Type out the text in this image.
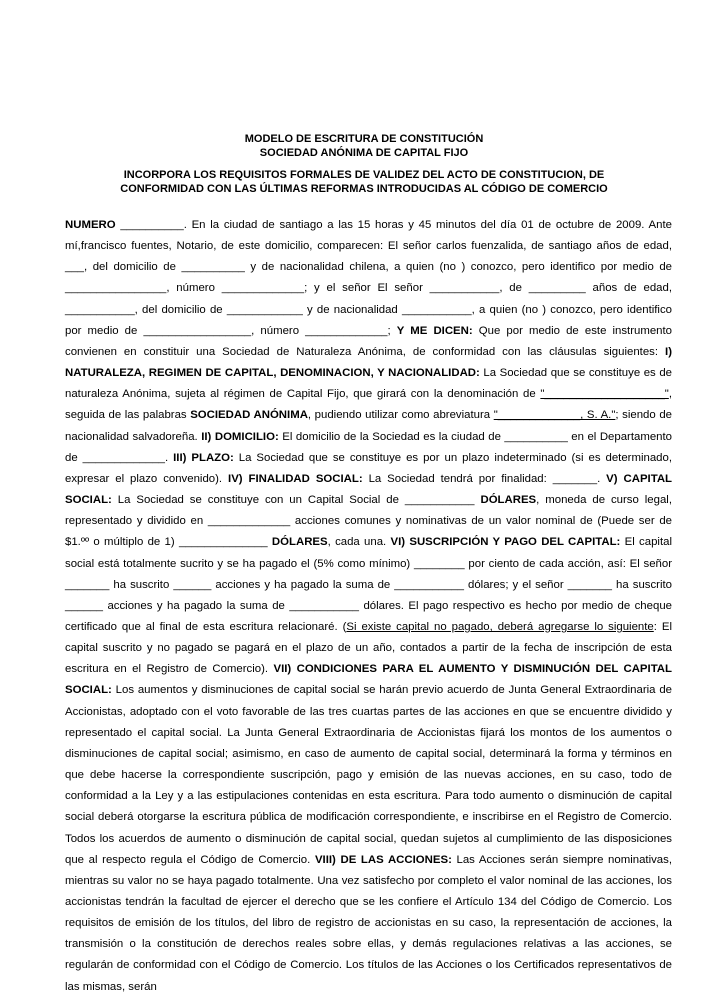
MODELO DE ESCRITURA DE CONSTITUCIÓN
SOCIEDAD ANÓNIMA DE CAPITAL FIJO
INCORPORA LOS REQUISITOS FORMALES DE VALIDEZ DEL ACTO DE CONSTITUCION, DE
CONFORMIDAD CON LAS ÚLTIMAS REFORMAS INTRODUCIDAS AL CÓDIGO DE COMERCIO
NUMERO __________. En la ciudad de santiago a las 15 horas y 45 minutos del día 01 de octubre de 2009. Ante mí,francisco fuentes, Notario, de este domicilio, comparecen: El señor carlos fuenzalida, de santiago años de edad, ___, del domicilio de __________ y de nacionalidad chilena, a quien (no ) conozco, pero identifico por medio de ________________, número _____________; y el señor El señor ___________, de _________ años de edad, ___________, del domicilio de ____________ y de nacionalidad ___________, a quien (no ) conozco, pero identifico por medio de _________________, número _____________; Y ME DICEN: Que por medio de este instrumento convienen en constituir una Sociedad de Naturaleza Anónima, de conformidad con las cláusulas siguientes: I) NATURALEZA, REGIMEN DE CAPITAL, DENOMINACION, Y NACIONALIDAD: La Sociedad que se constituye es de naturaleza Anónima, sujeta al régimen de Capital Fijo, que girará con la denominación de "___________________", seguida de las palabras SOCIEDAD ANÓNIMA, pudiendo utilizar como abreviatura "_____________, S. A."; siendo de nacionalidad salvadoreña. II) DOMICILIO: El domicilio de la Sociedad es la ciudad de __________ en el Departamento de _____________. III) PLAZO: La Sociedad que se constituye es por un plazo indeterminado (si es determinado, expresar el plazo convenido). IV) FINALIDAD SOCIAL: La Sociedad tendrá por finalidad: _______. V) CAPITAL SOCIAL: La Sociedad se constituye con un Capital Social de ___________ DÓLARES, moneda de curso legal, representado y dividido en _____________ acciones comunes y nominativas de un valor nominal de (Puede ser de $1.ºº o múltiplo de 1) ______________ DÓLARES, cada una. VI) SUSCRIPCIÓN Y PAGO DEL CAPITAL: El capital social está totalmente sucrito y se ha pagado el (5% como mínimo) ________ por ciento de cada acción, así: El señor _______ ha suscrito ______ acciones y ha pagado la suma de ___________ dólares; y el señor _______ ha suscrito ______ acciones y ha pagado la suma de ___________ dólares. El pago respectivo es hecho por medio de cheque certificado que al final de esta escritura relacionaré. (Si existe capital no pagado, deberá agregarse lo siguiente: El capital suscrito y no pagado se pagará en el plazo de un año, contados a partir de la fecha de inscripción de esta escritura en el Registro de Comercio). VII) CONDICIONES PARA EL AUMENTO Y DISMINUCIÓN DEL CAPITAL SOCIAL: Los aumentos y disminuciones de capital social se harán previo acuerdo de Junta General Extraordinaria de Accionistas, adoptado con el voto favorable de las tres cuartas partes de las acciones en que se encuentre dividido y representado el capital social. La Junta General Extraordinaria de Accionistas fijará los montos de los aumentos o disminuciones de capital social; asimismo, en caso de aumento de capital social, determinará la forma y términos en que debe hacerse la correspondiente suscripción, pago y emisión de las nuevas acciones, en su caso, todo de conformidad a la Ley y a las estipulaciones contenidas en esta escritura. Para todo aumento o disminución de capital social deberá otorgarse la escritura pública de modificación correspondiente, e inscribirse en el Registro de Comercio. Todos los acuerdos de aumento o disminución de capital social, quedan sujetos al cumplimiento de las disposiciones que al respecto regula el Código de Comercio. VIII) DE LAS ACCIONES: Las Acciones serán siempre nominativas, mientras su valor no se haya pagado totalmente. Una vez satisfecho por completo el valor nominal de las acciones, los accionistas tendrán la facultad de ejercer el derecho que se les confiere el Artículo 134 del Código de Comercio. Los requisitos de emisión de los títulos, del libro de registro de accionistas en su caso, la representación de acciones, la transmisión o la constitución de derechos reales sobre ellas, y demás regulaciones relativas a las acciones, se regularán de conformidad con el Código de Comercio. Los títulos de las Acciones o los Certificados representativos de las mismas, serán
